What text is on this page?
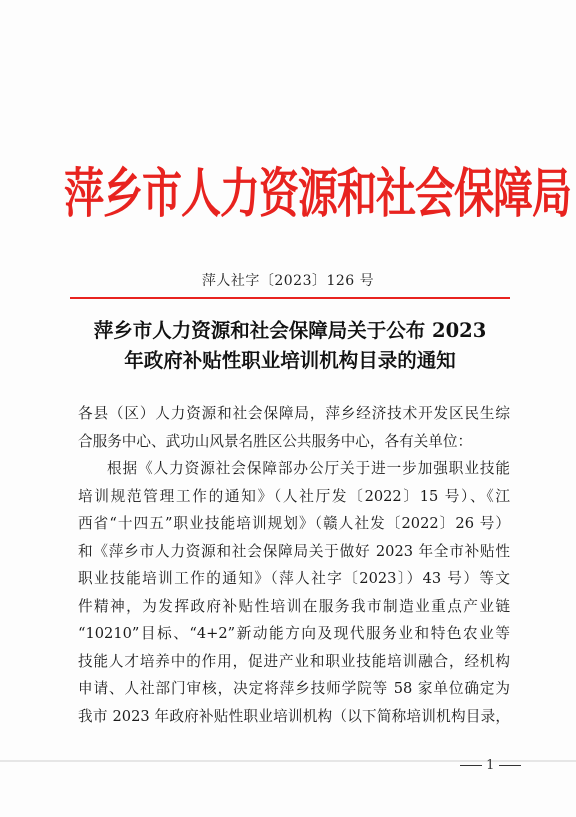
萍乡市人力资源和社会保障局
萍人社字〔2023〕126 号
萍乡市人力资源和社会保障局关于公布 2023
年政府补贴性职业培训机构目录的通知
各县（区）人力资源和社会保障局，萍乡经济技术开发区民生综
合服务中心、武功山风景名胜区公共服务中心，各有关单位：
根据《人力资源社会保障部办公厅关于进一步加强职业技能
培训规范管理工作的通知》（人社厅发〔2022〕15 号）、《江
西省“十四五”职业技能培训规划》（赣人社发〔2022〕26 号）
和《萍乡市人力资源和社会保障局关于做好 2023 年全市补贴性
职业技能培训工作的通知》（萍人社字〔2023〕）43 号）等文
件精神，为发挥政府补贴性培训在服务我市制造业重点产业链
“10210”目标、“4+2”新动能方向及现代服务业和特色农业等
技能人才培养中的作用，促进产业和职业技能培训融合，经机构
申请、人社部门审核，决定将萍乡技师学院等 58 家单位确定为
我市 2023 年政府补贴性职业培训机构（以下简称培训机构目录，
1
